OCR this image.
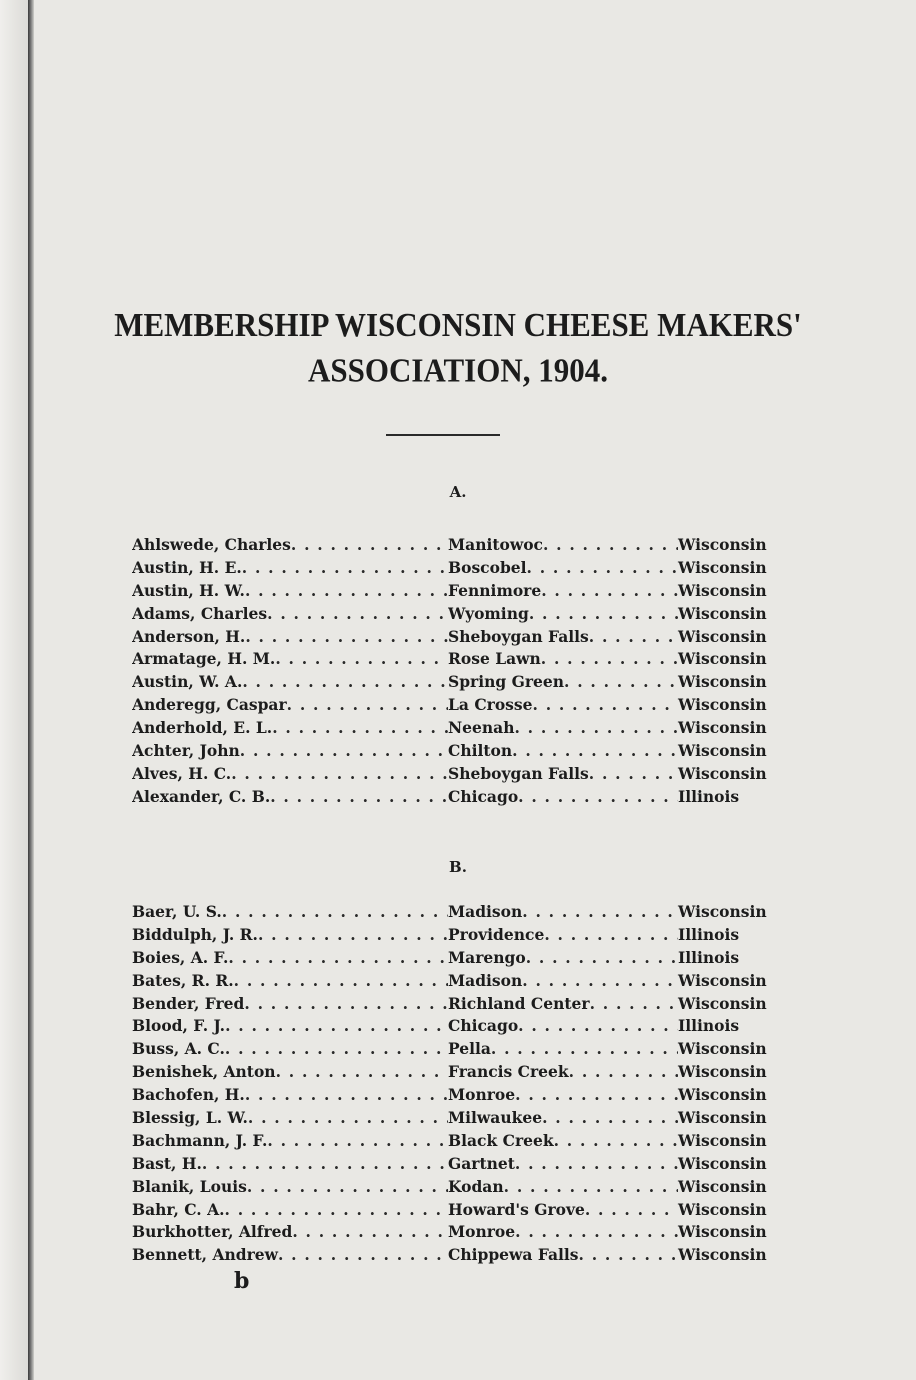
MEMBERSHIP WISCONSIN CHEESE MAKERS'
ASSOCIATION, 1904.
A.
Ahlswede, Charles . . .	Manitowoc . . .	Wisconsin
Austin, H. E. . . .	Boscobel . . .	Wisconsin
Austin, H. W. . . .	Fennimore . . .	Wisconsin
Adams, Charles . . .	Wyoming . . .	Wisconsin
Anderson, H. . . .	Sheboygan Falls . . .	Wisconsin
Armatage, H. M. . . .	Rose Lawn . . .	Wisconsin
Austin, W. A. . . .	Spring Green . . .	Wisconsin
Anderegg, Caspar . . .	La Crosse . . .	Wisconsin
Anderhold, E. L. . . .	Neenah . . .	Wisconsin
Achter, John . . .	Chilton . . .	Wisconsin
Alves, H. C. . . .	Sheboygan Falls . . .	Wisconsin
Alexander, C. B. . . .	Chicago . . .	Illinois
B.
Baer, U. S. . . .	Madison . . .	Wisconsin
Biddulph, J. R. . . .	Providence . . .	Illinois
Boies, A. F. . . .	Marengo . . .	Illinois
Bates, R. R. . . .	Madison . . .	Wisconsin
Bender, Fred . . .	Richland Center . . .	Wisconsin
Blood, F. J. . . .	Chicago . . .	Illinois
Buss, A. C. . . .	Pella . . .	Wisconsin
Benishek, Anton . . .	Francis Creek . . .	Wisconsin
Bachofen, H. . . .	Monroe . . .	Wisconsin
Blessig, L. W. . . .	Milwaukee . . .	Wisconsin
Bachmann, J. F. . . .	Black Creek . . .	Wisconsin
Bast, H. . . .	Gartnet . . .	Wisconsin
Blanik, Louis . . .	Kodan . . .	Wisconsin
Bahr, C. A. . . .	Howard's Grove . . .	Wisconsin
Burkhotter, Alfred . . .	Monroe . . .	Wisconsin
Bennett, Andrew . . .	Chippewa Falls . . .	Wisconsin
b
